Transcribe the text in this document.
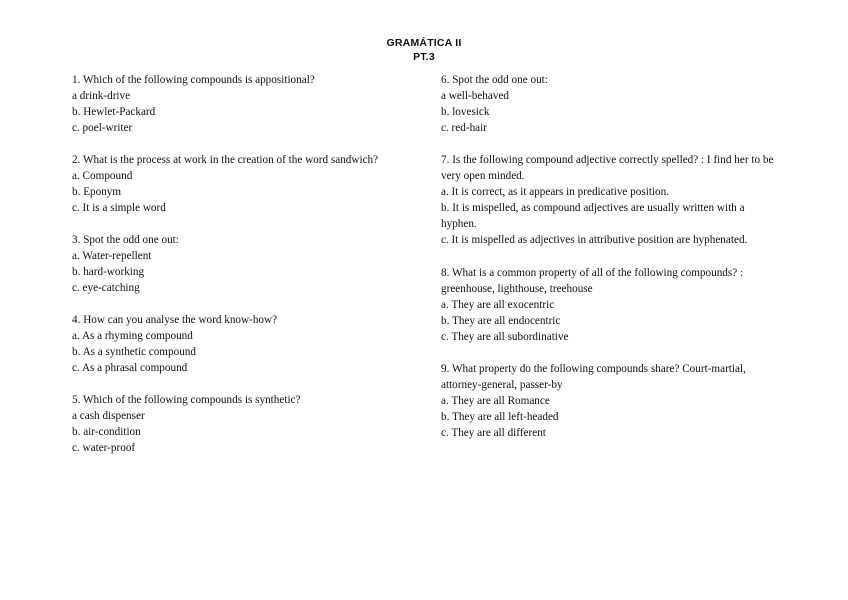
GRAMÁTICA II
PT.3
1. Which of the following compounds is appositional?
a drink-drive
b. Hewlet-Packard
c. poel-writer
2. What is the process at work in the creation of the word sandwich?
a. Compound
b. Eponym
c. It is a simple word
3. Spot the odd one out:
a. Water-repellent
b. hard-working
c. eye-catching
4. How can you analyse the word know-how?
a. As a rhyming compound
b. As a synthetic compound
c. As a phrasal compound
5. Which of the following compounds is synthetic?
a cash dispenser
b. air-condition
c. water-proof
6. Spot the odd one out:
a well-behaved
b. lovesick
c. red-hair
7. Is the following compound adjective correctly spelled? : I find her to be very open minded.
a. It is correct, as it appears in predicative position.
b. It is mispelled, as compound adjectives are usually written with a hyphen.
c. It is mispelled as adjectives in attributive position are hyphenated.
8. What is a common property of all of the following compounds? : greenhouse, lighthouse, treehouse
a. They are all exocentric
b. They are all endocentric
c. They are all subordinative
9. What property do the following compounds share? Court-martial, attorney-general, passer-by
a. They are all Romance
b. They are all left-headed
c. They are all different
